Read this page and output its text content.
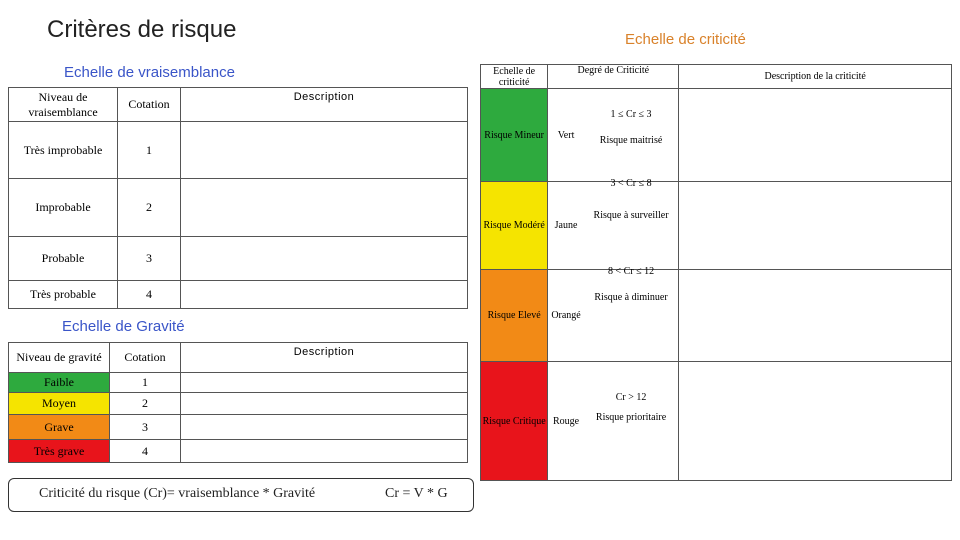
Critères de risque
Echelle de vraisemblance
Niveau de vraisemblance	Cotation	Description
Très improbable	1	
Improbable	2	
Probable	3	
Très probable	4	
Echelle de Gravité
Niveau de gravité	Cotation	Description
Faible	1	
Moyen	2	
Grave	3	
Très grave	4	
Echelle de criticité
Echelle de criticité	Degré de Criticité		Description de la criticité
Risque Mineur	Vert	1 ≤ Cr ≤ 3
Risque maitrisé	

Risque Modéré	Jaune	3 < Cr ≤ 8
Risque à surveiller	

Risque Elevé	Orangé	8 < Cr ≤ 12
Risque à diminuer	

Risque Critique	Rouge	Cr > 12
Risque prioritaire	

Criticité du risque (Cr)= vraisemblance * Gravité	Cr = V * G
